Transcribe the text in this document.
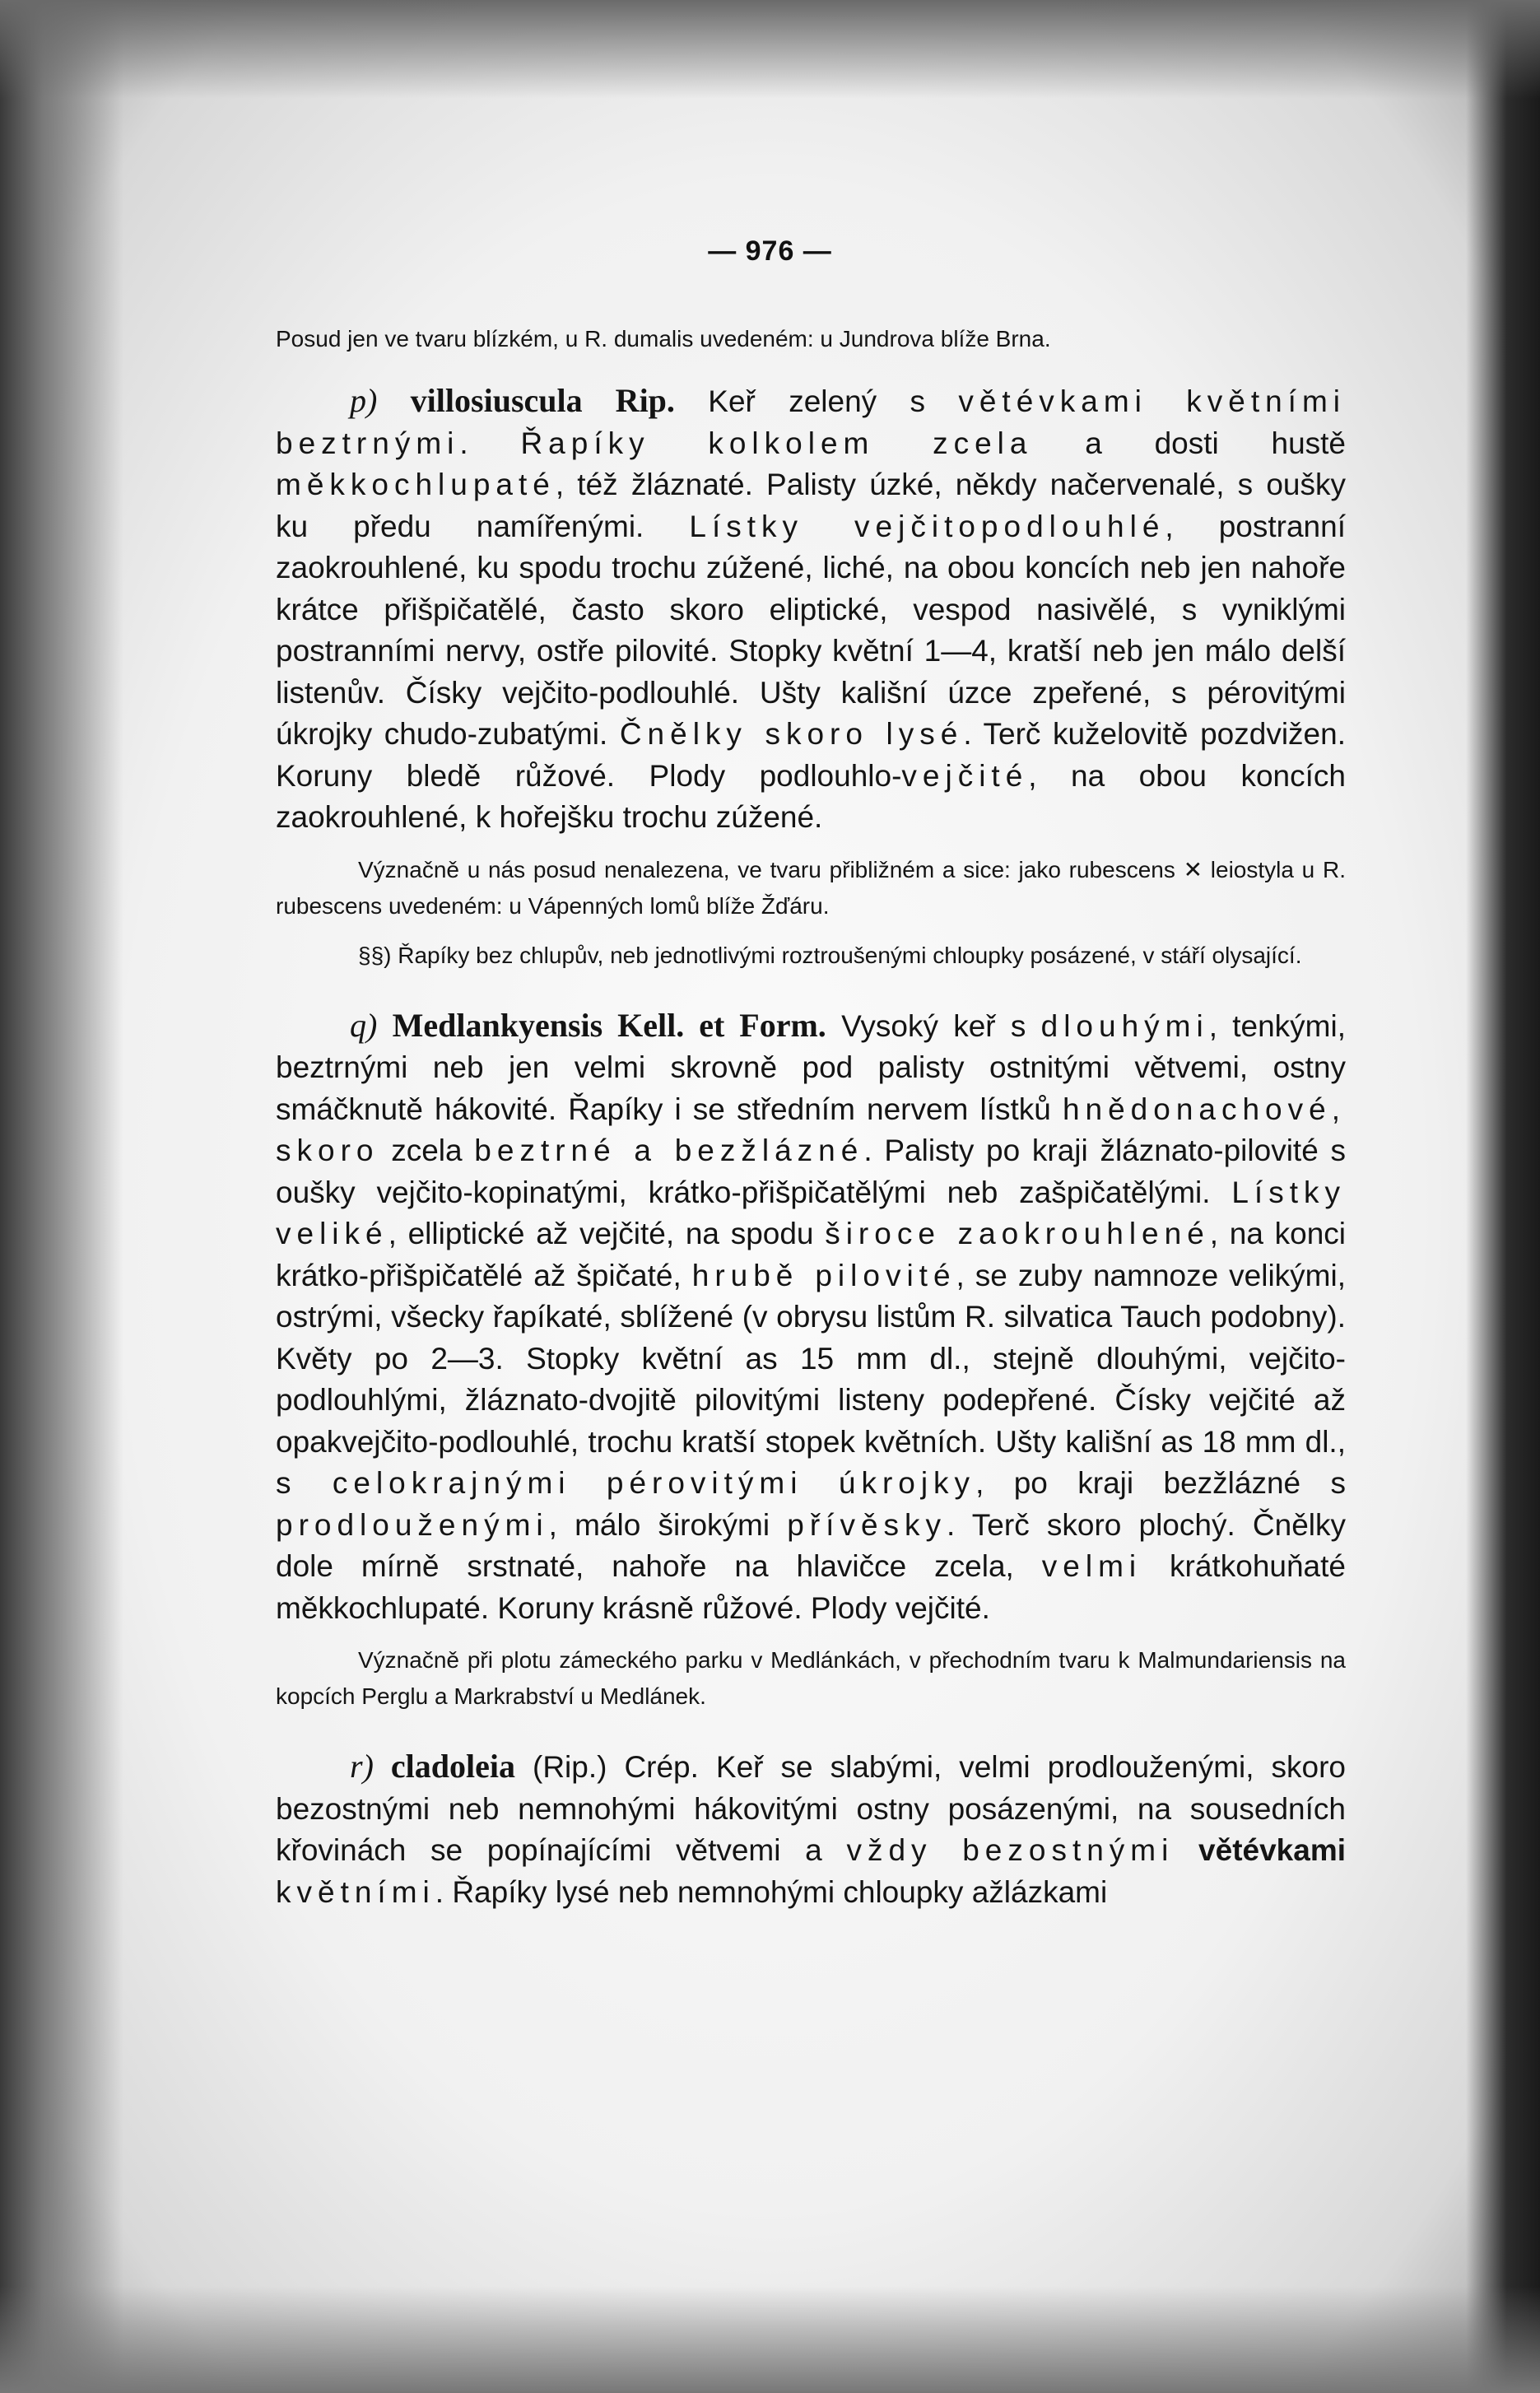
— 976 —

Posud jen ve tvaru blízkém, u R. dumalis uvedeném: u Jundrova blíže Brna.

p) villosiuscula Rip. Keř zelený s větévkami květními beztrnými. Řapíky kolkolem zcela a dosti hustě měkkochlupaté, též žláznaté. Palisty úzké, někdy načervenalé, s oušky ku předu namířenými. Lístky vejčitopodlouhlé, postranní zaokrouhlené, ku spodu trochu zúžené, liché, na obou koncích neb jen nahoře krátce přišpičatělé, často skoro eliptické, vespod nasivělé, s vyniklými postranními nervy, ostře pilovité. Stopky květní 1—4, kratší neb jen málo delší listenův. Čísky vejčito-podlouhlé. Ušty kališní úzce zpeřené, s pérovitými úkrojky chudo-zubatými. Čnělky skoro lysé. Terč kuželovitě pozdvižen. Koruny bledě růžové. Plody podlouhlo-vejčité, na obou koncích zaokrouhlené, k hořejšku trochu zúžené.

Význačně u nás posud nenalezena, ve tvaru přibližném a sice: jako rubescens ✕ leiostyla u R. rubescens uvedeném: u Vápenných lomů blíže Žďáru.

§§) Řapíky bez chlupův, neb jednotlivými roztroušenými chloupky posázené, v stáří olysající.

q) Medlankyensis Kell. et Form. Vysoký keř s dlouhými, tenkými, beztrnými neb jen velmi skrovně pod palisty ostnitými větvemi, ostny smáčknutě hákovité. Řapíky i se středním nervem lístků hnědonachové, skoro zcela beztrné a bezžlázné. Palisty po kraji žláznato-pilovité s oušky vejčito-kopinatými, krátko-přišpičatělými neb zašpičatělými. Lístky veliké, elliptické až vejčité, na spodu široce zaokrouhlené, na konci krátko-přišpičatělé až špičaté, hrubě pilovité, se zuby namnoze velikými, ostrými, všecky řapíkaté, sblížené (v obrysu listům R. silvatica Tauch podobny). Květy po 2—3. Stopky květní as 15 mm dl., stejně dlouhými, vejčito-podlouhlými, žláznato-dvojitě pilovitými listeny podepřené. Čísky vejčité až opakvejčito-podlouhlé, trochu kratší stopek květních. Ušty kališní as 18 mm dl., s celokrajnými pérovitými úkrojky, po kraji bezžlázné s prodlouženými, málo širokými přívěsky. Terč skoro plochý. Čnělky dole mírně srstnaté, nahoře na hlavičce zcela, velmi krátkohuňaté měkkochlupaté. Koruny krásně růžové. Plody vejčité.

Význačně při plotu zámeckého parku v Medlánkách, v přechodním tvaru k Malmundariensis na kopcích Perglu a Markrabství u Medlánek.

r) cladoleia (Rip.) Crép. Keř se slabými, velmi prodlouženými, skoro bezostnými neb nemnohými hákovitými ostny posázenými, na sousedních křovinách se popínajícími větvemi a vždy bezostnými větévkami květními. Řapíky lysé neb nemnohými chloupky ažlázkami
